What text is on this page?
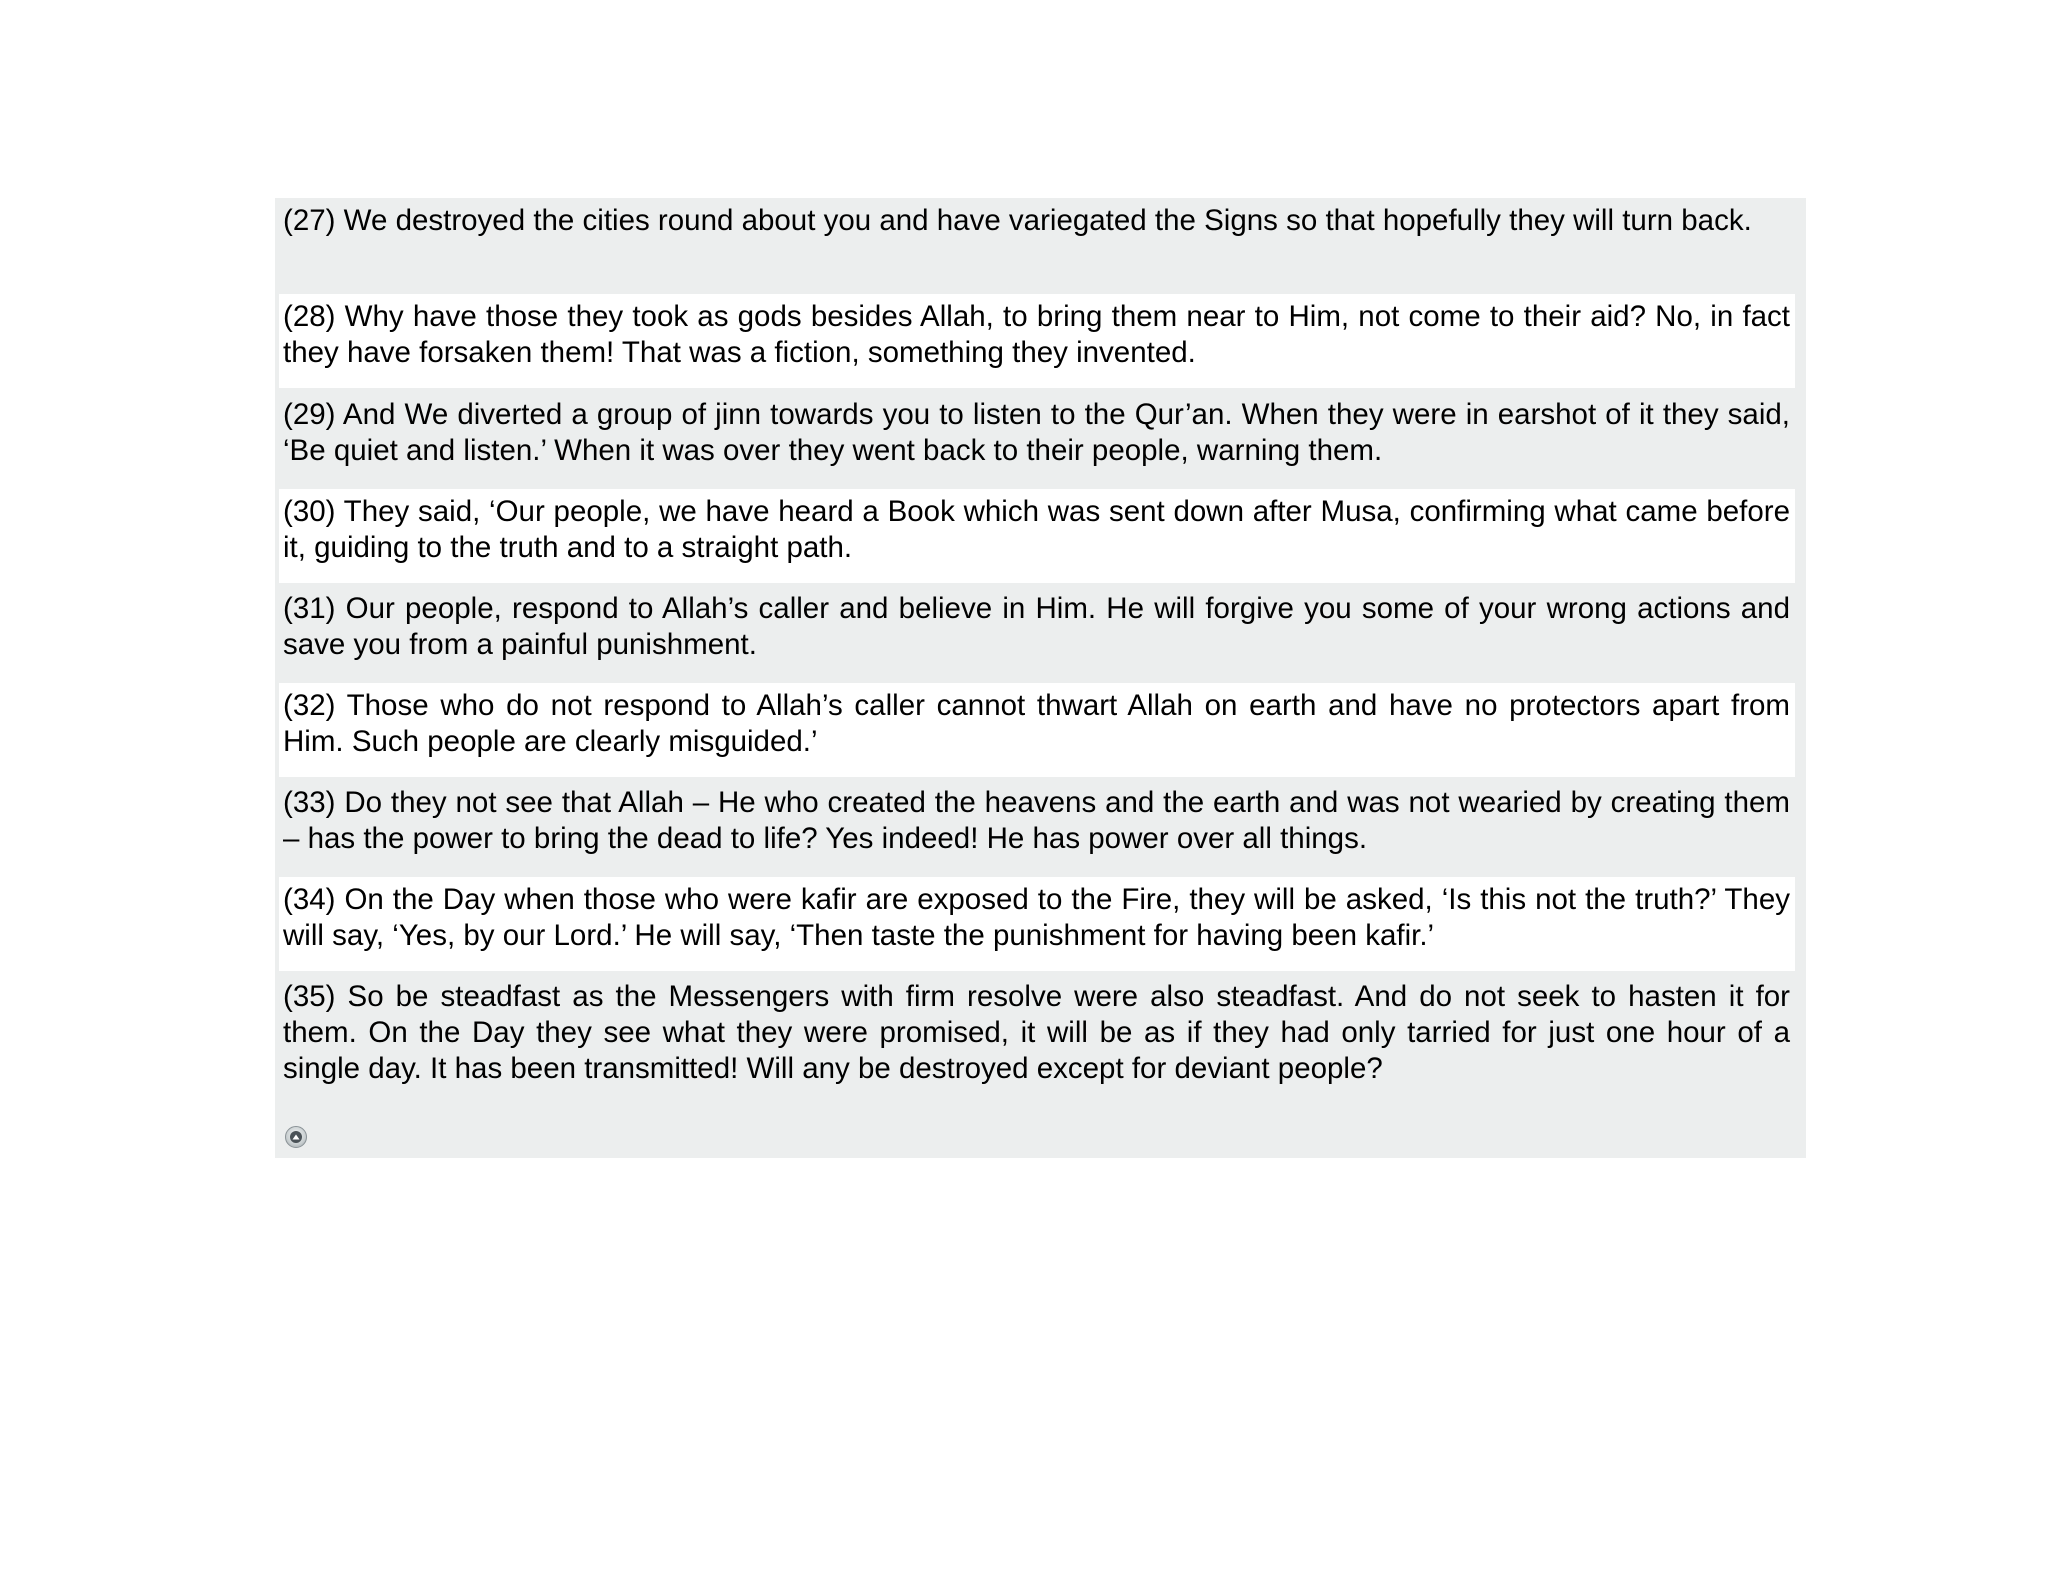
(27) We destroyed the cities round about you and have variegated the Signs so that hopefully they will turn back.
(28) Why have those they took as gods besides Allah, to bring them near to Him, not come to their aid? No, in fact they have forsaken them! That was a fiction, something they invented.
(29) And We diverted a group of jinn towards you to listen to the Qur’an. When they were in earshot of it they said, ‘Be quiet and listen.’ When it was over they went back to their people, warning them.
(30) They said, ‘Our people, we have heard a Book which was sent down after Musa, confirming what came before it, guiding to the truth and to a straight path.
(31) Our people, respond to Allah’s caller and believe in Him. He will forgive you some of your wrong actions and save you from a painful punishment.
(32) Those who do not respond to Allah’s caller cannot thwart Allah on earth and have no protectors apart from Him. Such people are clearly misguided.’
(33) Do they not see that Allah – He who created the heavens and the earth and was not wearied by creating them – has the power to bring the dead to life? Yes indeed! He has power over all things.
(34) On the Day when those who were kafir are exposed to the Fire, they will be asked, ‘Is this not the truth?’ They will say, ‘Yes, by our Lord.’ He will say, ‘Then taste the punishment for having been kafir.’
(35) So be steadfast as the Messengers with firm resolve were also steadfast. And do not seek to hasten it for them. On the Day they see what they were promised, it will be as if they had only tarried for just one hour of a single day. It has been transmitted! Will any be destroyed except for deviant people?
